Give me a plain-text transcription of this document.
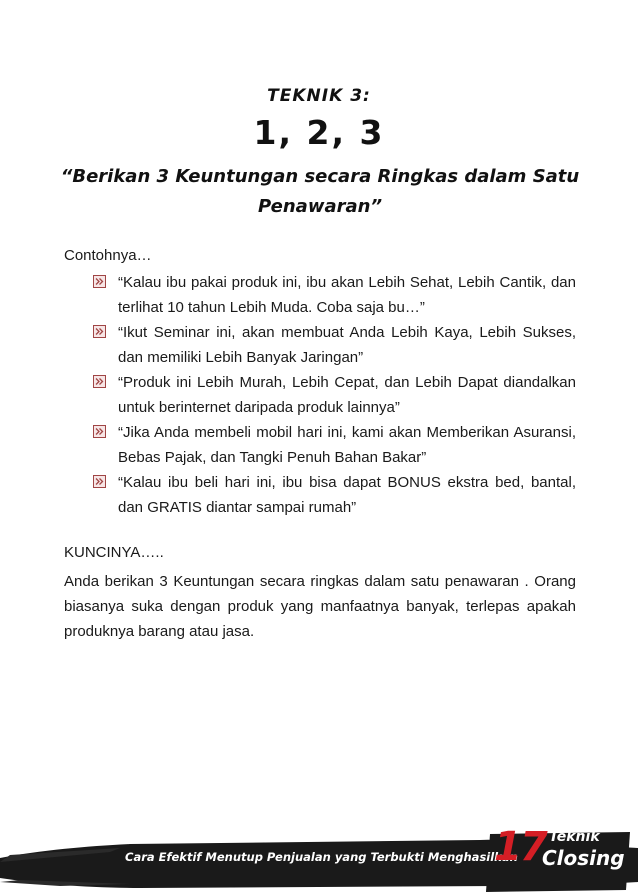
TEKNIK 3:
1, 2, 3
“Berikan 3 Keuntungan secara Ringkas dalam Satu Penawaran”
Contohnya…
“Kalau ibu pakai produk ini, ibu akan Lebih Sehat, Lebih Cantik, dan terlihat 10 tahun Lebih Muda. Coba saja bu…”
“Ikut Seminar ini, akan membuat Anda Lebih Kaya, Lebih Sukses, dan memiliki Lebih Banyak Jaringan”
“Produk ini Lebih Murah, Lebih Cepat, dan Lebih Dapat diandalkan untuk berinternet daripada produk lainnya”
“Jika Anda membeli mobil hari ini, kami akan Memberikan Asuransi, Bebas Pajak, dan Tangki Penuh Bahan Bakar”
“Kalau ibu beli hari ini, ibu bisa dapat BONUS ekstra bed, bantal, dan GRATIS diantar sampai rumah”
KUNCINYA…..
Anda berikan 3 Keuntungan secara ringkas dalam satu penawaran . Orang biasanya suka dengan produk yang manfaatnya banyak, terlepas apakah produknya barang atau jasa.
Cara Efektif Menutup Penjualan yang Terbukti Menghasilkan
17 Teknik
Closing
